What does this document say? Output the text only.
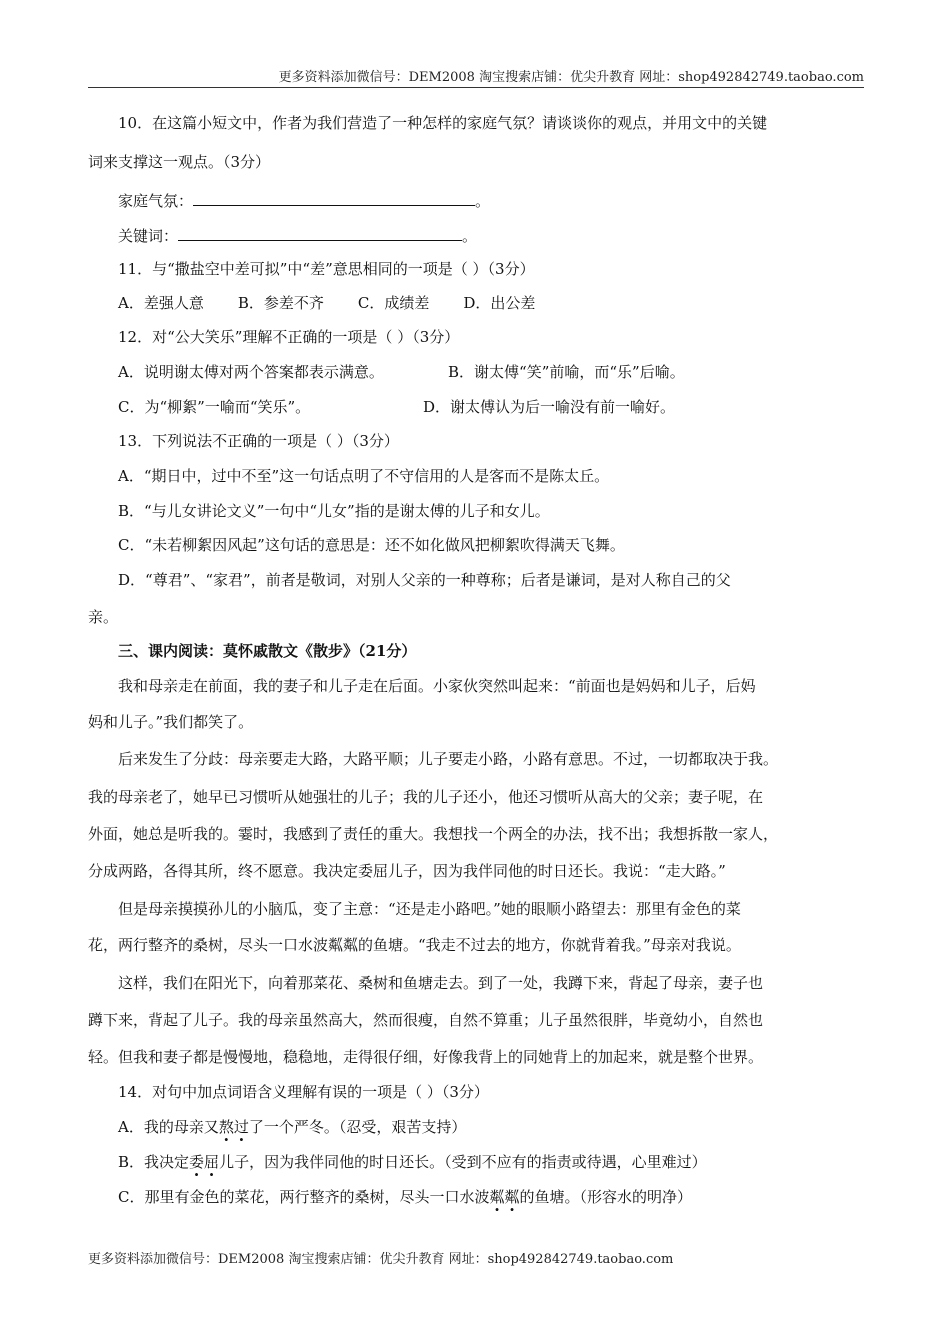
更多资料添加微信号：DEM2008 淘宝搜索店铺：优尖升教育 网址：shop492842749.taobao.com
10．在这篇小短文中，作者为我们营造了一种怎样的家庭气氛？请谈谈你的观点，并用文中的关键
词来支撑这一观点。（3分）
家庭气氛：	。
关键词：	。
11．与“撒盐空中差可拟”中“差”意思相同的一项是（ ）（3分）
A．差强人意 B．参差不齐 C．成绩差 D．出公差
12．对“公大笑乐”理解不正确的一项是（ ）（3分）
A．说明谢太傅对两个答案都表示满意。	B．谢太傅“笑”前喻，而“乐”后喻。
C．为“柳絮”一喻而“笑乐”。	D．谢太傅认为后一喻没有前一喻好。
13．下列说法不正确的一项是（ ）（3分）
A．“期日中，过中不至”这一句话点明了不守信用的人是客而不是陈太丘。
B．“与儿女讲论文义”一句中“儿女”指的是谢太傅的儿子和女儿。
C．“未若柳絮因风起”这句话的意思是：还不如化做风把柳絮吹得满天飞舞。
D．“尊君”、“家君”，前者是敬词，对别人父亲的一种尊称；后者是谦词，是对人称自己的父
亲。
三、课内阅读：莫怀戚散文《散步》（21分）
我和母亲走在前面，我的妻子和儿子走在后面。小家伙突然叫起来：“前面也是妈妈和儿子，后妈
妈和儿子。”我们都笑了。
后来发生了分歧：母亲要走大路，大路平顺；儿子要走小路，小路有意思。不过，一切都取决于我。
我的母亲老了，她早已习惯听从她强壮的儿子；我的儿子还小，他还习惯听从高大的父亲；妻子呢，在
外面，她总是听我的。霎时，我感到了责任的重大。我想找一个两全的办法，找不出；我想拆散一家人，
分成两路，各得其所，终不愿意。我决定委屈儿子，因为我伴同他的时日还长。我说：“走大路。”
但是母亲摸摸孙儿的小脑瓜，变了主意：“还是走小路吧。”她的眼顺小路望去：那里有金色的菜
花，两行整齐的桑树，尽头一口水波粼粼的鱼塘。“我走不过去的地方，你就背着我。”母亲对我说。
这样，我们在阳光下，向着那菜花、桑树和鱼塘走去。到了一处，我蹲下来，背起了母亲，妻子也
蹲下来，背起了儿子。我的母亲虽然高大，然而很瘦，自然不算重；儿子虽然很胖，毕竟幼小，自然也
轻。但我和妻子都是慢慢地，稳稳地，走得很仔细，好像我背上的同她背上的加起来，就是整个世界。
14．对句中加点词语含义理解有误的一项是（ ）（3分）
A．我的母亲又熬过了一个严冬。（忍受，艰苦支持）
B．我决定委屈儿子，因为我伴同他的时日还长。（受到不应有的指责或待遇，心里难过）
C．那里有金色的菜花，两行整齐的桑树，尽头一口水波粼粼的鱼塘。（形容水的明净）
更多资料添加微信号：DEM2008 淘宝搜索店铺：优尖升教育 网址：shop492842749.taobao.com
